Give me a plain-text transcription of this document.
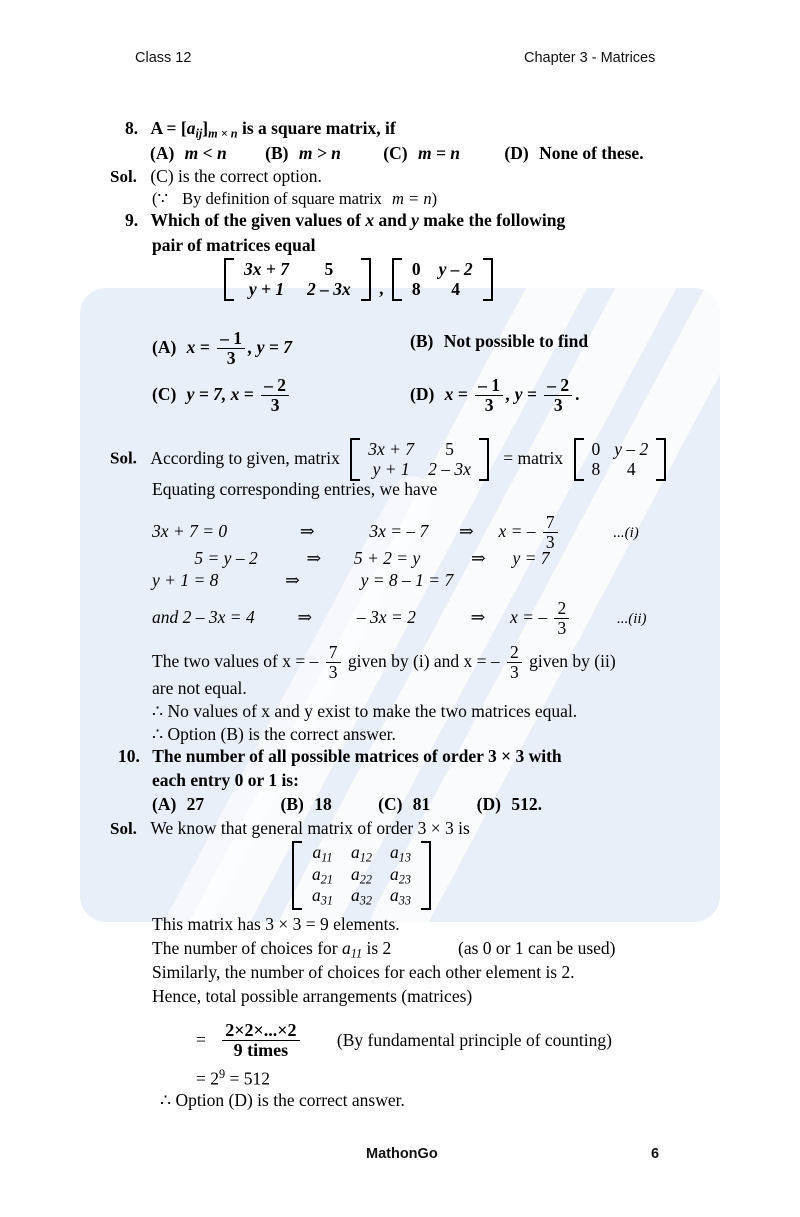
Class 12	Chapter 3 - Matrices
8. $A = [a_{ij}]_{m \times n}$ is a square matrix, if
(A) m < n (B) m > n (C) m = n	(D) None of these.
Sol. (C) is the correct option.
(∵ By definition of square matrix m = n)
9. Which of the given values of x and y make the following
pair of matrices equal
3x + 7	5
y + 1	2 – 3x ,
0	y – 2
8	4
(A) $x = \frac{- 1}{3}$ , y = 7	(B) Not possible to find
(C) y = 7, $x = \frac{- 2}{3}$	(D) $x = \frac{- 1}{3}$ , $y = \frac{- 2}{3}$ .
Sol. According to given, matrix 3x + 7	5
y + 1	2 – 3x
= matrix 0	y – 2
8	4
Equating corresponding entries, we have
3x + 7 = 0	⇒	3x = – 7 ⇒ x = – $\frac{7}{3}$	...(i)
5 = y – 2	⇒ 5 + 2 = y	⇒ y = 7
y + 1 = 8	⇒	y = 8 – 1 = 7
and 2 – 3x = 4 ⇒	– 3x = 2	⇒ x = – $\frac{2}{3}$	...(ii)
The two values of x = – $\frac{7}{3}$ given by (i) and x = – $\frac{2}{3}$ given by (ii)
are not equal.
∴ No values of x and y exist to make the two matrices equal.
∴ Option (B) is the correct answer.
10. The number of all possible matrices of order 3 × 3 with
each entry 0 or 1 is:
(A) 27	(B) 18	(C) 81	(D) 512.
Sol. We know that general matrix of order 3 × 3 is
$a_{11}$	$a_{12}$	$a_{13}$
$a_{21}$	$a_{22}$	$a_{23}$
$a_{31}$	$a_{32}$	$a_{33}$
This matrix has 3 × 3 = 9 elements.
The number of choices for $a_{11}$ is 2	(as 0 or 1 can be used)
Similarly, the number of choices for each other element is 2.
Hence, total possible arrangements (matrices)
= $\frac{2\times 2\times...\times 2}{\text{9 times}} (By$ fundamental principle of counting)
= $2^9 = 512$
∴ Option (D) is the correct answer.
MathonGo	6
